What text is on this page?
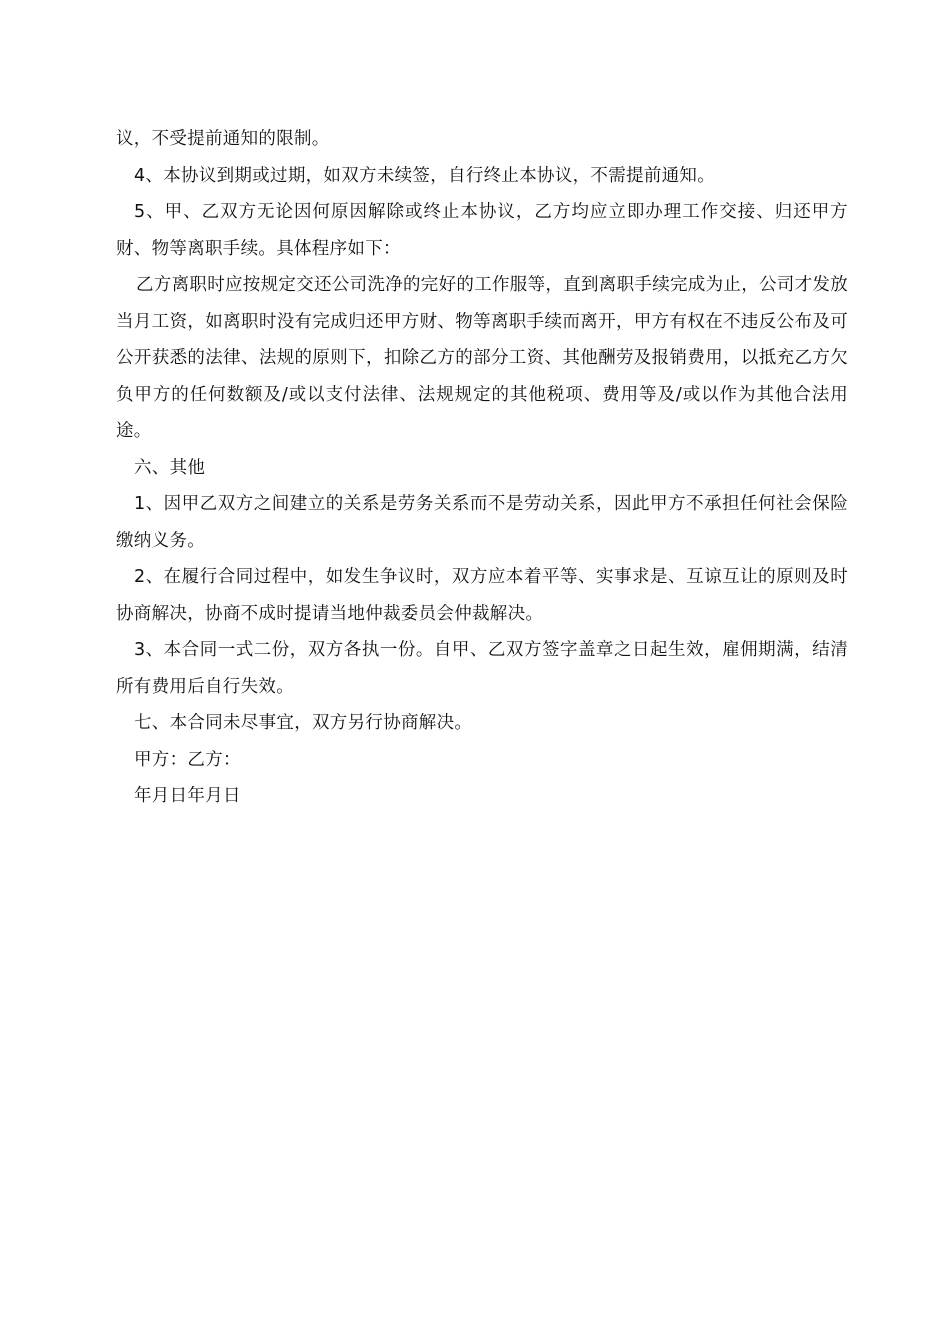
议，不受提前通知的限制。

4、本协议到期或过期，如双方未续签，自行终止本协议，不需提前通知。

5、甲、乙双方无论因何原因解除或终止本协议，乙方均应立即办理工作交接、归还甲方财、物等离职手续。具体程序如下：

乙方离职时应按规定交还公司洗净的完好的工作服等，直到离职手续完成为止，公司才发放当月工资，如离职时没有完成归还甲方财、物等离职手续而离开，甲方有权在不违反公布及可公开获悉的法律、法规的原则下，扣除乙方的部分工资、其他酬劳及报销费用，以抵充乙方欠负甲方的任何数额及/或以支付法律、法规规定的其他税项、费用等及/或以作为其他合法用途。

六、其他

1、因甲乙双方之间建立的关系是劳务关系而不是劳动关系，因此甲方不承担任何社会保险缴纳义务。

2、在履行合同过程中，如发生争议时，双方应本着平等、实事求是、互谅互让的原则及时协商解决，协商不成时提请当地仲裁委员会仲裁解决。

3、本合同一式二份，双方各执一份。自甲、乙双方签字盖章之日起生效，雇佣期满，结清所有费用后自行失效。

七、本合同未尽事宜，双方另行协商解决。

甲方：乙方：

年月日年月日
